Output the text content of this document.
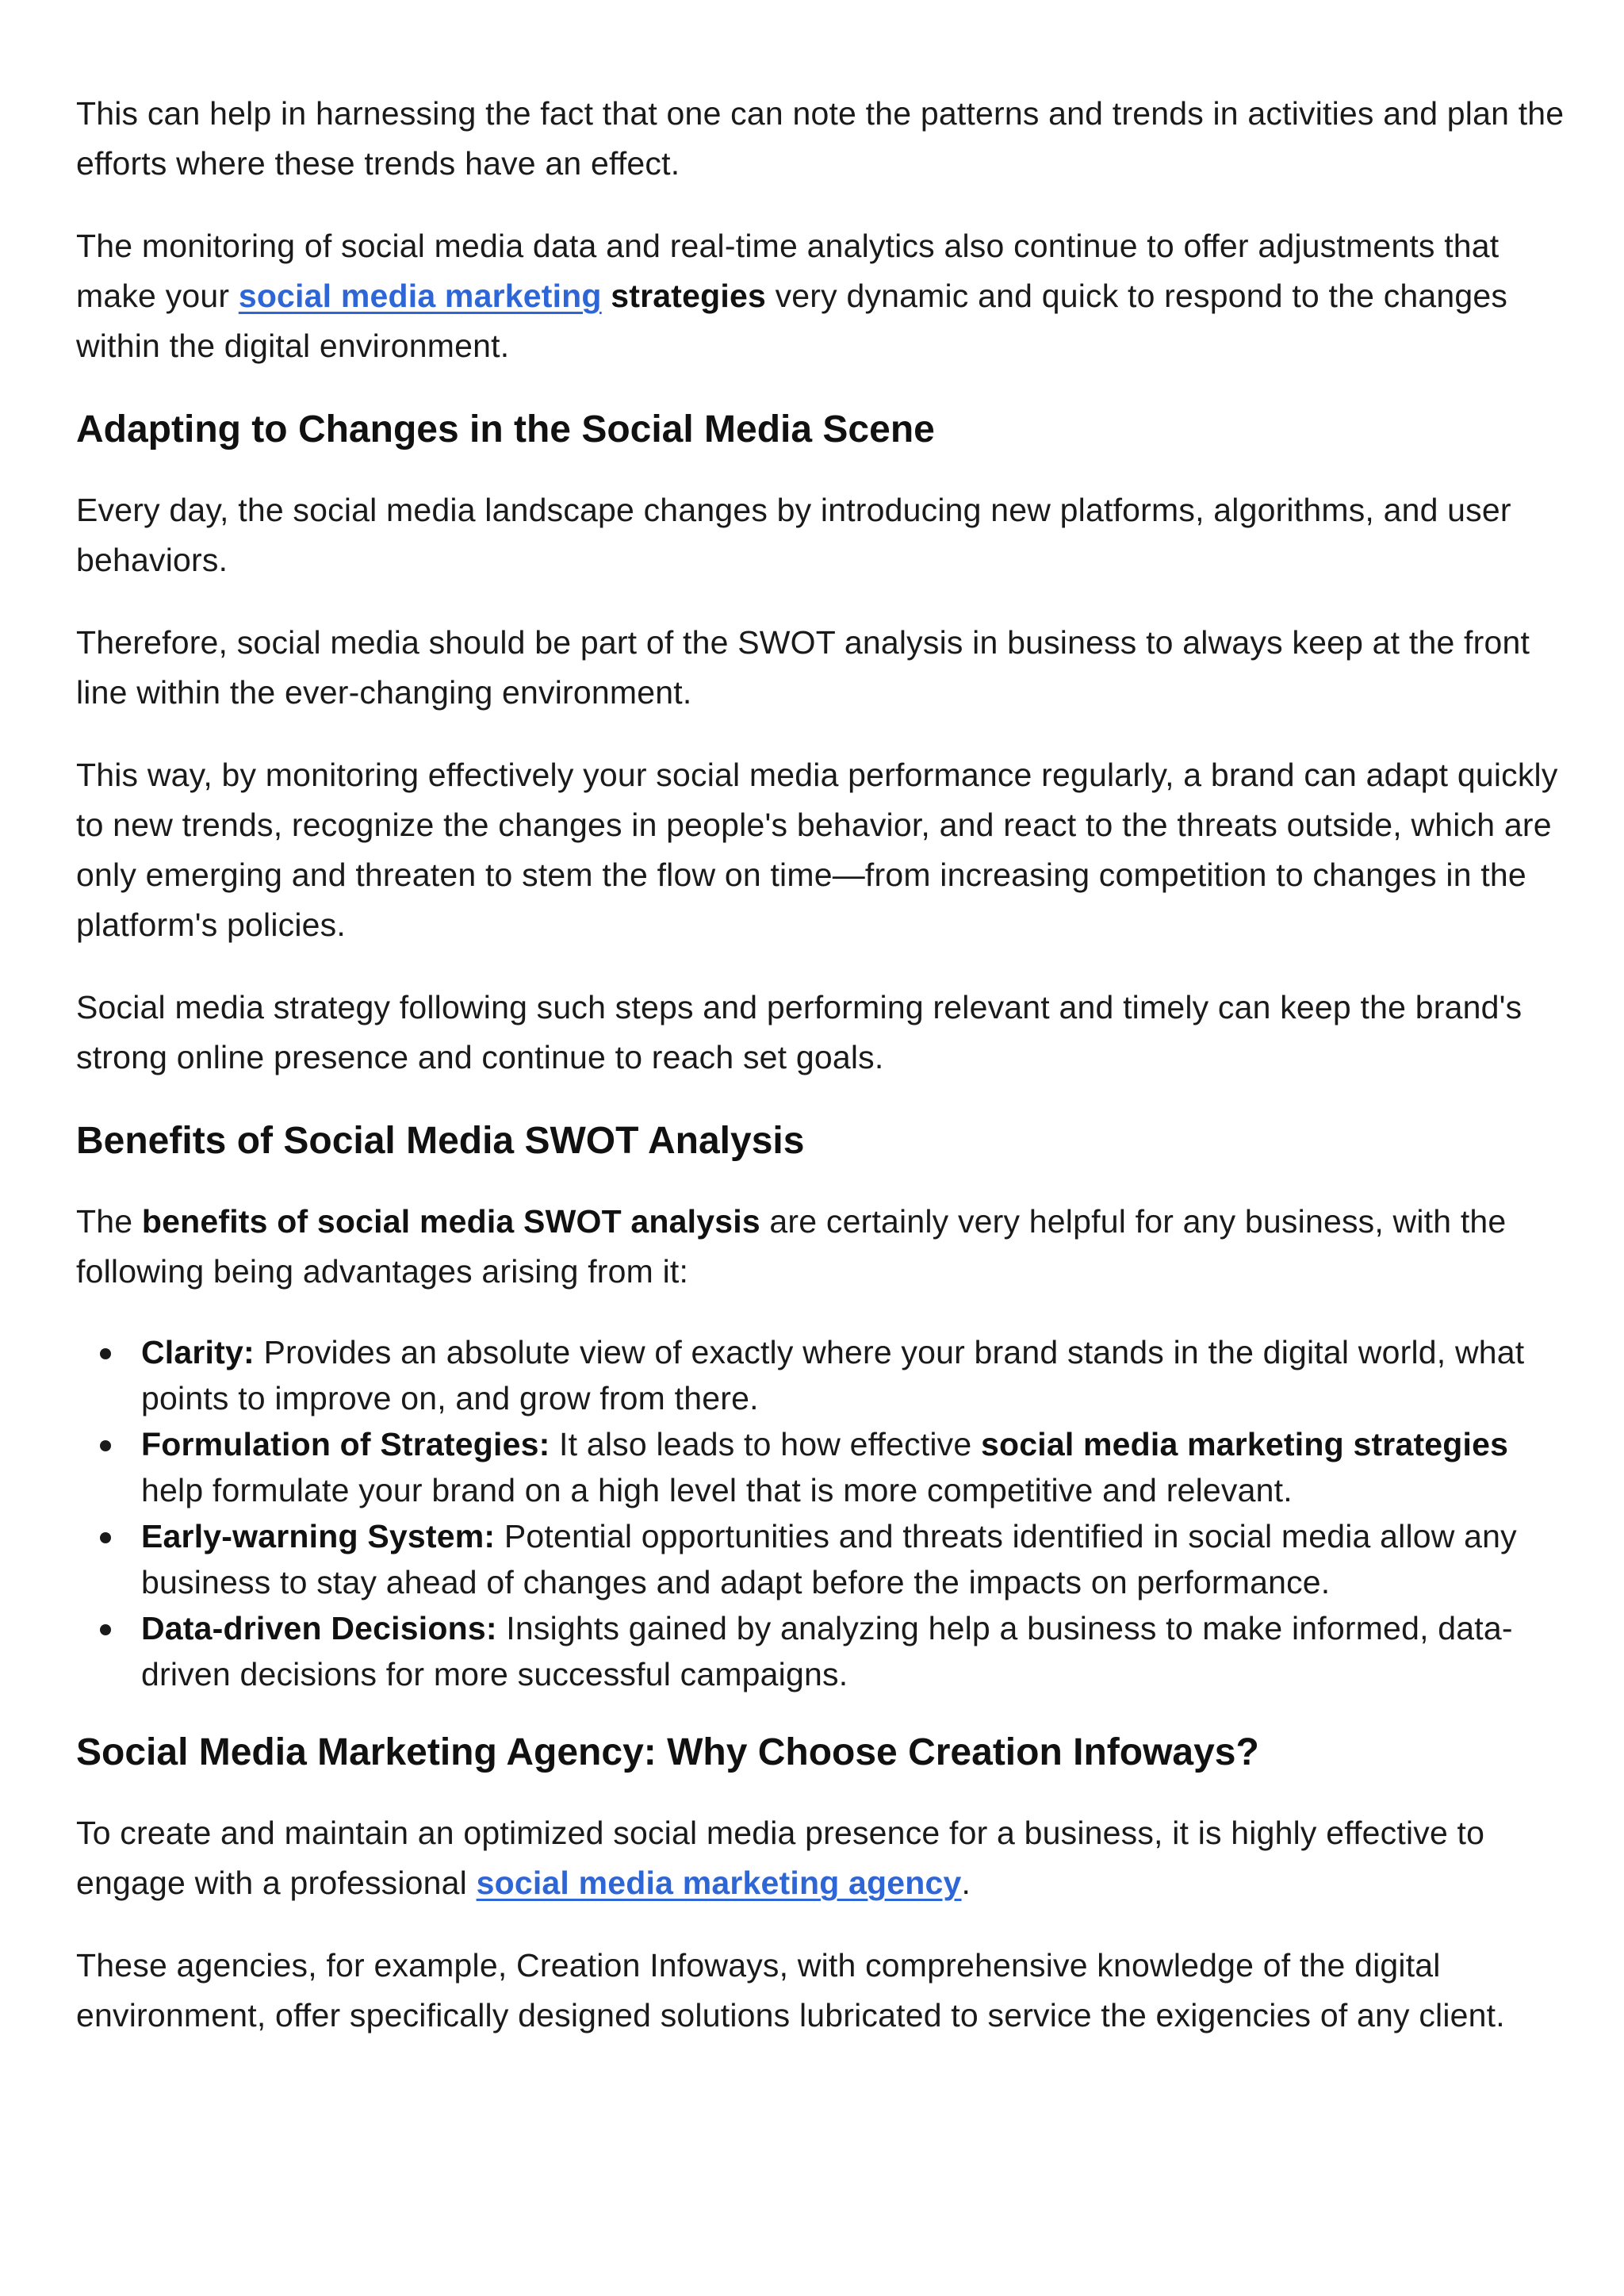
This can help in harnessing the fact that one can note the patterns and trends in activities and plan the efforts where these trends have an effect.

The monitoring of social media data and real-time analytics also continue to offer adjustments that make your social media marketing strategies very dynamic and quick to respond to the changes within the digital environment.

Adapting to Changes in the Social Media Scene

Every day, the social media landscape changes by introducing new platforms, algorithms, and user behaviors.

Therefore, social media should be part of the SWOT analysis in business to always keep at the front line within the ever-changing environment.

This way, by monitoring effectively your social media performance regularly, a brand can adapt quickly to new trends, recognize the changes in people's behavior, and react to the threats outside, which are only emerging and threaten to stem the flow on time—from increasing competition to changes in the platform's policies.

Social media strategy following such steps and performing relevant and timely can keep the brand's strong online presence and continue to reach set goals.

Benefits of Social Media SWOT Analysis

The benefits of social media SWOT analysis are certainly very helpful for any business, with the following being advantages arising from it:

Clarity: Provides an absolute view of exactly where your brand stands in the digital world, what points to improve on, and grow from there.
Formulation of Strategies: It also leads to how effective social media marketing strategies help formulate your brand on a high level that is more competitive and relevant.
Early-warning System: Potential opportunities and threats identified in social media allow any business to stay ahead of changes and adapt before the impacts on performance.
Data-driven Decisions: Insights gained by analyzing help a business to make informed, data-driven decisions for more successful campaigns.
Social Media Marketing Agency: Why Choose Creation Infoways?

To create and maintain an optimized social media presence for a business, it is highly effective to engage with a professional social media marketing agency.

These agencies, for example, Creation Infoways, with comprehensive knowledge of the digital environment, offer specifically designed solutions lubricated to service the exigencies of any client.
